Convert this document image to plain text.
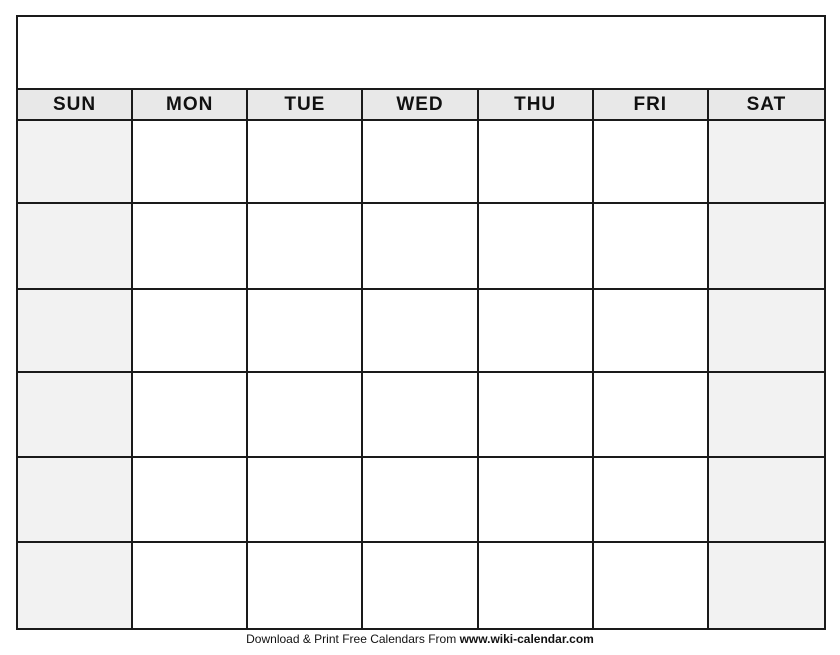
SUN	MON	TUE	WED	THU	FRI	SAT
Download & Print Free Calendars From www.wiki-calendar.com
